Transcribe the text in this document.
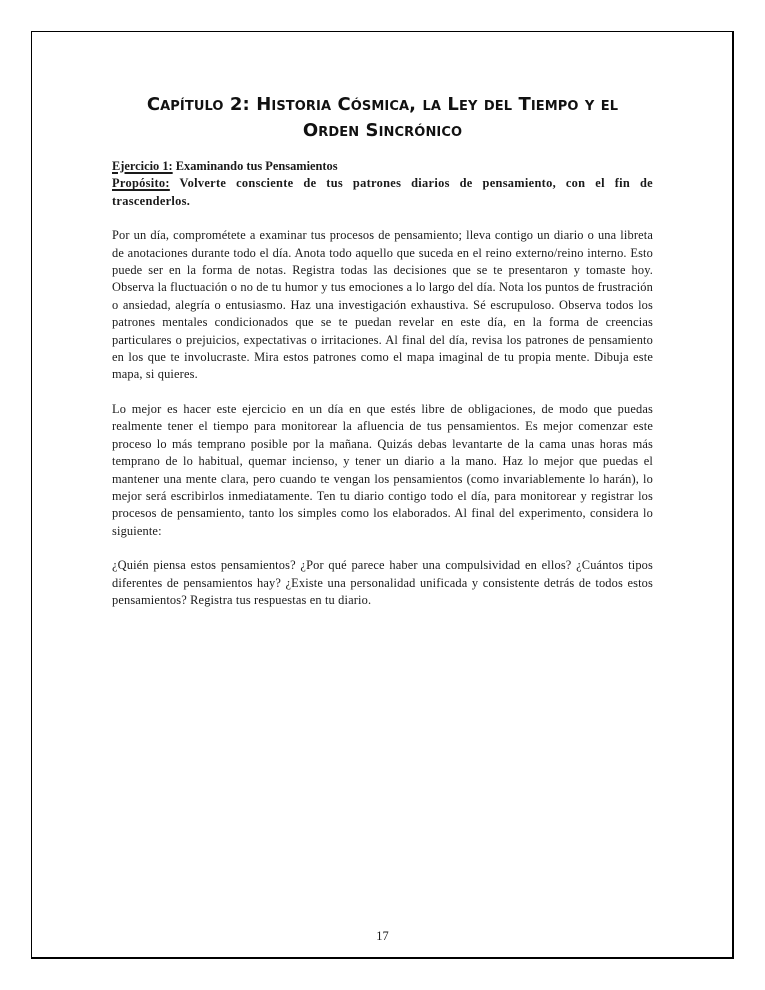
Capítulo 2: Historia Cósmica, la Ley del Tiempo y el
Orden Sincrónico

Ejercicio 1: Examinando tus Pensamientos

Propósito: Volverte consciente de tus patrones diarios de pensamiento, con el fin de trascenderlos.

Por un día, comprométete a examinar tus procesos de pensamiento; lleva contigo un diario o una libreta de anotaciones durante todo el día. Anota todo aquello que suceda en el reino externo/reino interno. Esto puede ser en la forma de notas. Registra todas las decisiones que se te presentaron y tomaste hoy. Observa la fluctuación o no de tu humor y tus emociones a lo largo del día. Nota los puntos de frustración o ansiedad, alegría o entusiasmo. Haz una investigación exhaustiva. Sé escrupuloso. Observa todos los patrones mentales condicionados que se te puedan revelar en este día, en la forma de creencias particulares o prejuicios, expectativas o irritaciones. Al final del día, revisa los patrones de pensamiento en los que te involucraste. Mira estos patrones como el mapa imaginal de tu propia mente. Dibuja este mapa, si quieres.

Lo mejor es hacer este ejercicio en un día en que estés libre de obligaciones, de modo que puedas realmente tener el tiempo para monitorear la afluencia de tus pensamientos. Es mejor comenzar este proceso lo más temprano posible por la mañana. Quizás debas levantarte de la cama unas horas más temprano de lo habitual, quemar incienso, y tener un diario a la mano. Haz lo mejor que puedas el mantener una mente clara, pero cuando te vengan los pensamientos (como invariablemente lo harán), lo mejor será escribirlos inmediatamente. Ten tu diario contigo todo el día, para monitorear y registrar los procesos de pensamiento, tanto los simples como los elaborados. Al final del experimento, considera lo siguiente:

¿Quién piensa estos pensamientos? ¿Por qué parece haber una compulsividad en ellos? ¿Cuántos tipos diferentes de pensamientos hay? ¿Existe una personalidad unificada y consistente detrás de todos estos pensamientos? Registra tus respuestas en tu diario.

17
